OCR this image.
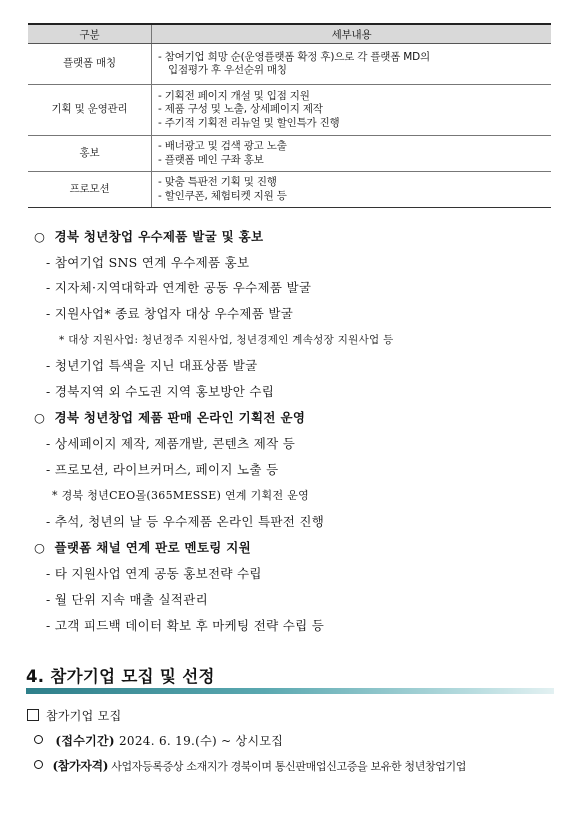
구분	세부내용
플랫폼 매칭	- 참여기업 희망 순(운영플랫폼 확정 후)으로 각 플랫폼 MD의
입점평가 후 우선순위 매칭

기획 및 운영관리	- 기획전 페이지 개설 및 입점 지원
- 제품 구성 및 노출, 상세페이지 제작
- 주기적 기획전 리뉴얼 및 할인특가 진행

홍보	- 배너광고 및 검색 광고 노출
- 플랫폼 메인 구좌 홍보

프로모션	- 맞춤 특판전 기획 및 진행
- 할인쿠폰, 체험티켓 지원 등
○ 경북 청년창업 우수제품 발굴 및 홍보
- 참여기업 SNS 연계 우수제품 홍보
- 지자체·지역대학과 연계한 공동 우수제품 발굴
- 지원사업* 종료 창업자 대상 우수제품 발굴
* 대상 지원사업: 청년정주 지원사업, 청년경제인 계속성장 지원사업 등
- 청년기업 특색을 지닌 대표상품 발굴
- 경북지역 외 수도권 지역 홍보방안 수립
○ 경북 청년창업 제품 판매 온라인 기획전 운영
- 상세페이지 제작, 제품개발, 콘텐츠 제작 등
- 프로모션, 라이브커머스, 페이지 노출 등
* 경북 청년CEO몰(365MESSE) 연계 기획전 운영
- 추석, 청년의 날 등 우수제품 온라인 특판전 진행
○ 플랫폼 채널 연계 판로 멘토링 지원
- 타 지원사업 연계 공동 홍보전략 수립
- 월 단위 지속 매출 실적관리
- 고객 피드백 데이터 확보 후 마케팅 전략 수립 등
4. 참가기업 모집 및 선정
참가기업 모집
(접수기간) 2024. 6. 19.(수) ~ 상시모집
(참가자격) 사업자등록증상 소재지가 경북이며 통신판매업신고증을 보유한 청년창업기업
